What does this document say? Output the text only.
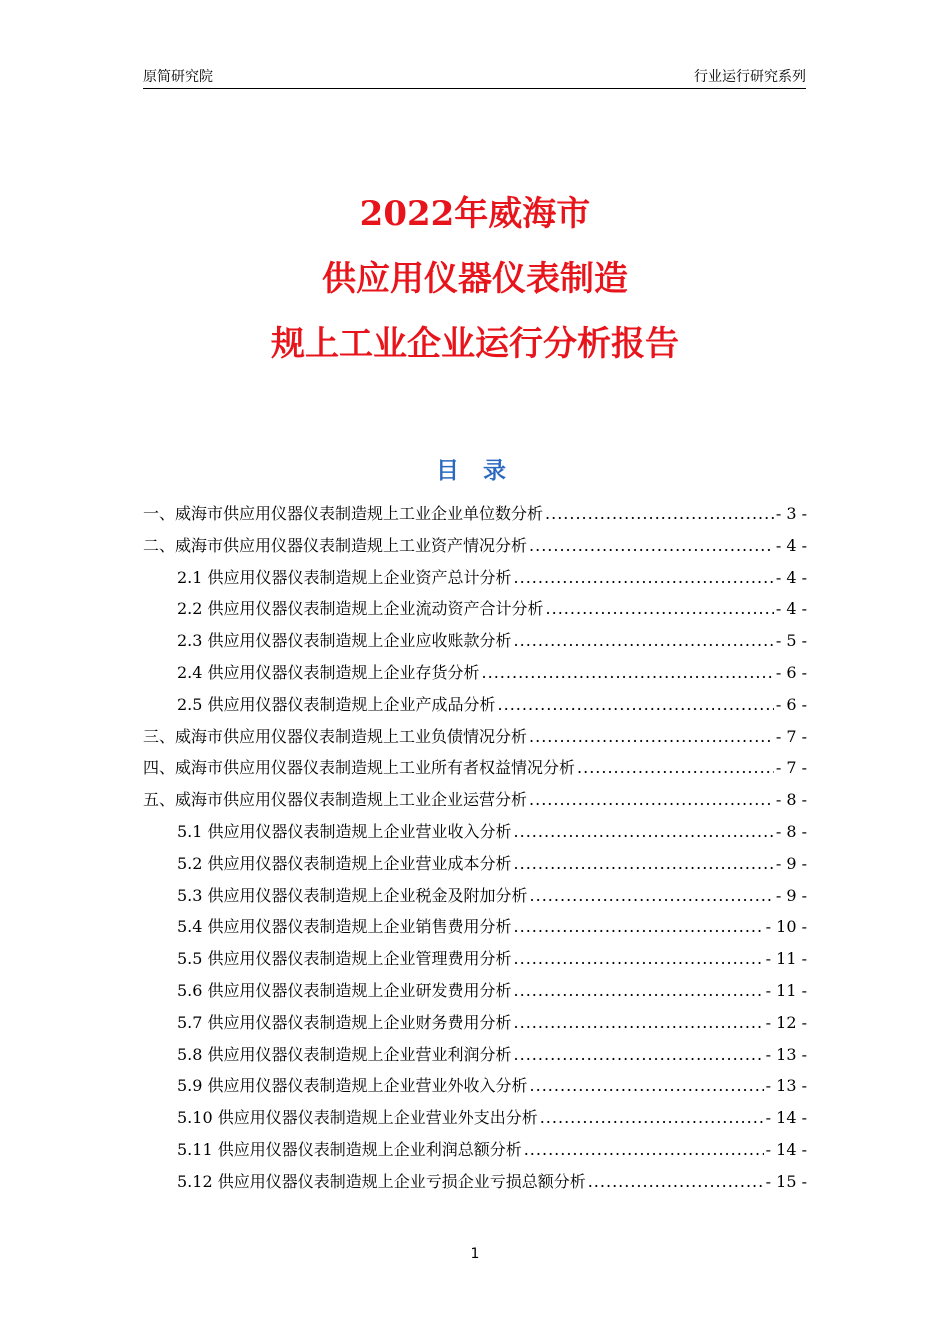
原简研究院	行业运行研究系列
2022年威海市
供应用仪器仪表制造
规上工业企业运行分析报告
目 录
一、威海市供应用仪器仪表制造规上工业企业单位数分析 .....	- 3 -
二、威海市供应用仪器仪表制造规上工业资产情况分析 .....	- 4 -
2.1 供应用仪器仪表制造规上企业资产总计分析 .....	- 4 -
2.2 供应用仪器仪表制造规上企业流动资产合计分析 .....	- 4 -
2.3 供应用仪器仪表制造规上企业应收账款分析 .....	- 5 -
2.4 供应用仪器仪表制造规上企业存货分析 .....	- 6 -
2.5 供应用仪器仪表制造规上企业产成品分析 .....	- 6 -
三、威海市供应用仪器仪表制造规上工业负债情况分析 .....	- 7 -
四、威海市供应用仪器仪表制造规上工业所有者权益情况分析 .....	- 7 -
五、威海市供应用仪器仪表制造规上工业企业运营分析 .....	- 8 -
5.1 供应用仪器仪表制造规上企业营业收入分析 .....	- 8 -
5.2 供应用仪器仪表制造规上企业营业成本分析 .....	- 9 -
5.3 供应用仪器仪表制造规上企业税金及附加分析 .....	- 9 -
5.4 供应用仪器仪表制造规上企业销售费用分析 .....	- 10 -
5.5 供应用仪器仪表制造规上企业管理费用分析 .....	- 11 -
5.6 供应用仪器仪表制造规上企业研发费用分析 .....	- 11 -
5.7 供应用仪器仪表制造规上企业财务费用分析 .....	- 12 -
5.8 供应用仪器仪表制造规上企业营业利润分析 .....	- 13 -
5.9 供应用仪器仪表制造规上企业营业外收入分析 .....	- 13 -
5.10 供应用仪器仪表制造规上企业营业外支出分析 .....	- 14 -
5.11 供应用仪器仪表制造规上企业利润总额分析 .....	- 14 -
5.12 供应用仪器仪表制造规上企业亏损企业亏损总额分析 .....	- 15 -
1
